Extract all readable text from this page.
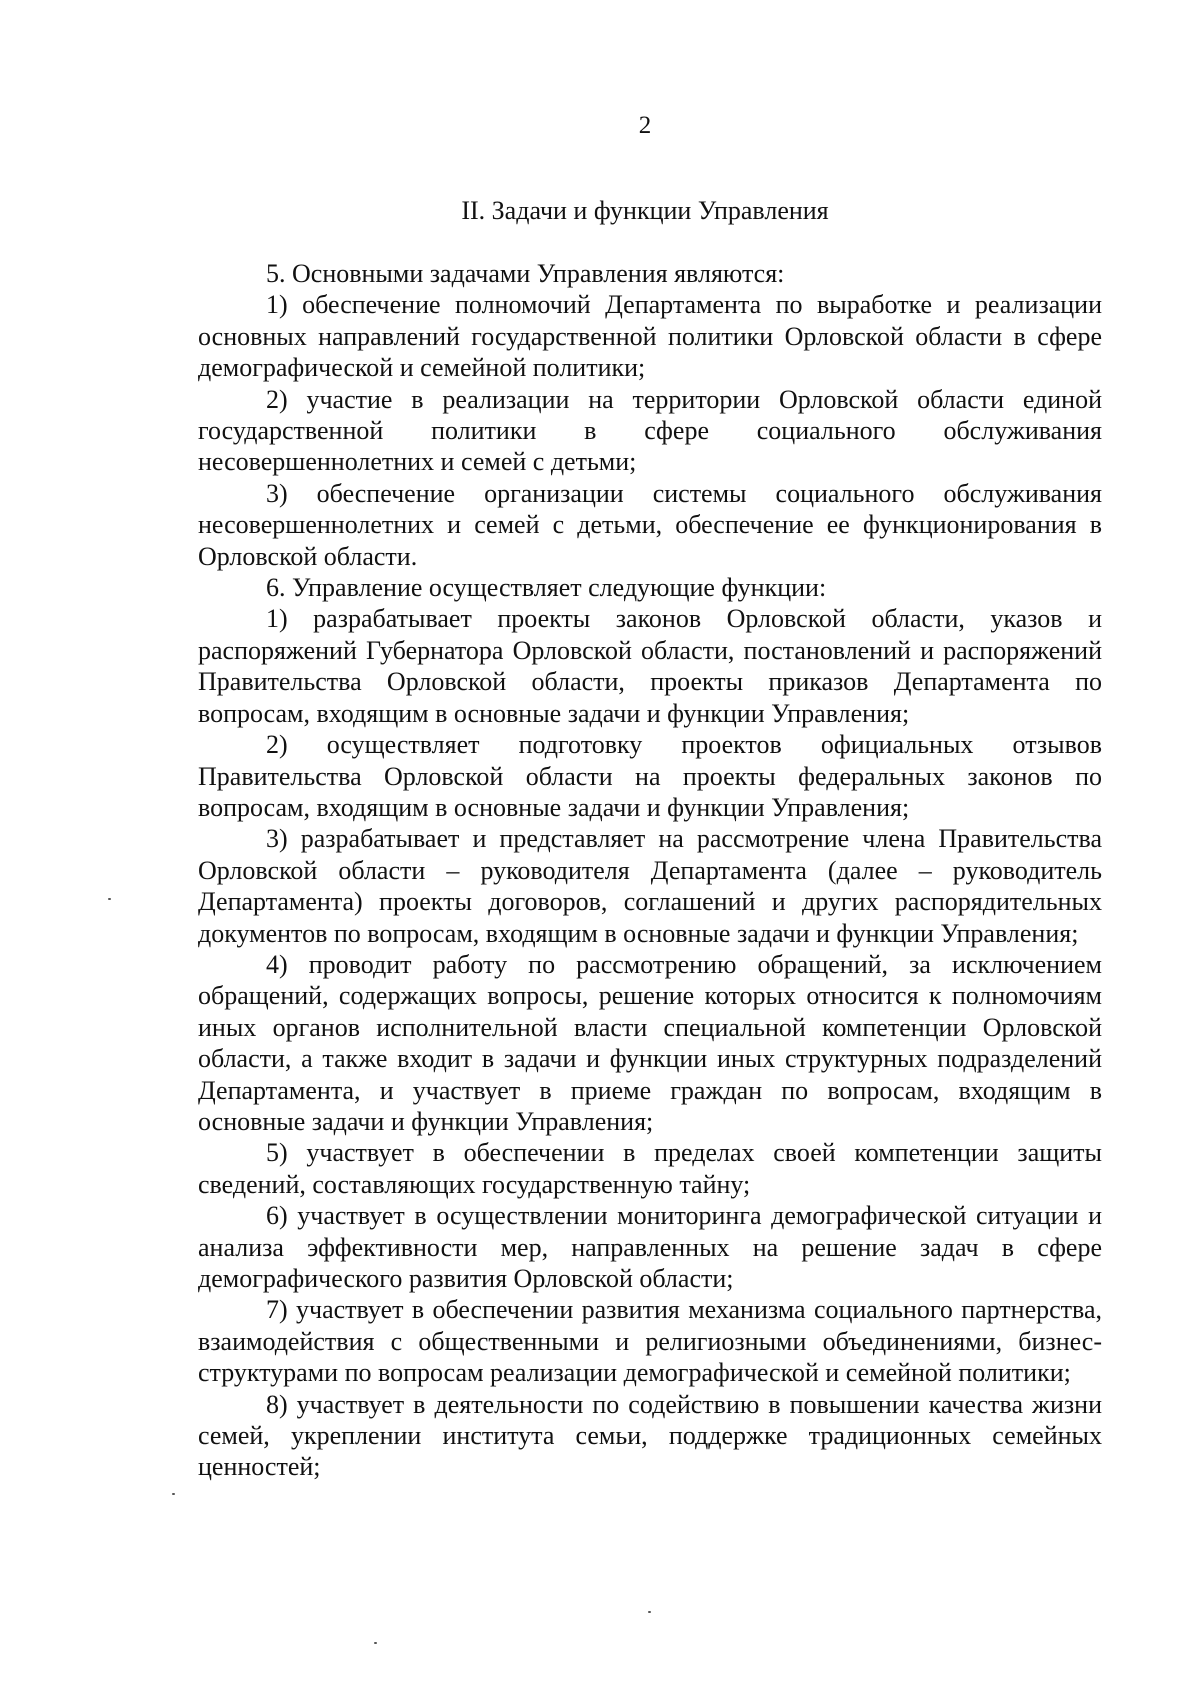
2
II. Задачи и функции Управления

5. Основными задачами Управления являются:

1) обеспечение полномочий Департамента по выработке и реализации основных направлений государственной политики Орловской области в сфере демографической и семейной политики;

2) участие в реализации на территории Орловской области единой государственной политики в сфере социального обслуживания несовершеннолетних и семей с детьми;

3) обеспечение организации системы социального обслуживания несовершеннолетних и семей с детьми, обеспечение ее функционирования в Орловской области.

6. Управление осуществляет следующие функции:

1) разрабатывает проекты законов Орловской области, указов и распоряжений Губернатора Орловской области, постановлений и распоряжений Правительства Орловской области, проекты приказов Департамента по вопросам, входящим в основные задачи и функции Управления;

2) осуществляет подготовку проектов официальных отзывов Правительства Орловской области на проекты федеральных законов по вопросам, входящим в основные задачи и функции Управления;

3) разрабатывает и представляет на рассмотрение члена Правительства Орловской области – руководителя Департамента (далее – руководитель Департамента) проекты договоров, соглашений и других распорядительных документов по вопросам, входящим в основные задачи и функции Управления;

4) проводит работу по рассмотрению обращений, за исключением обращений, содержащих вопросы, решение которых относится к полномочиям иных органов исполнительной власти специальной компетенции Орловской области, а также входит в задачи и функции иных структурных подразделений Департамента, и участвует в приеме граждан по вопросам, входящим в основные задачи и функции Управления;

5) участвует в обеспечении в пределах своей компетенции защиты сведений, составляющих государственную тайну;

6) участвует в осуществлении мониторинга демографической ситуации и анализа эффективности мер, направленных на решение задач в сфере демографического развития Орловской области;

7) участвует в обеспечении развития механизма социального партнерства, взаимодействия с общественными и религиозными объединениями, бизнес-структурами по вопросам реализации демографической и семейной политики;

8) участвует в деятельности по содействию в повышении качества жизни семей, укреплении института семьи, поддержке традиционных семейных ценностей;
